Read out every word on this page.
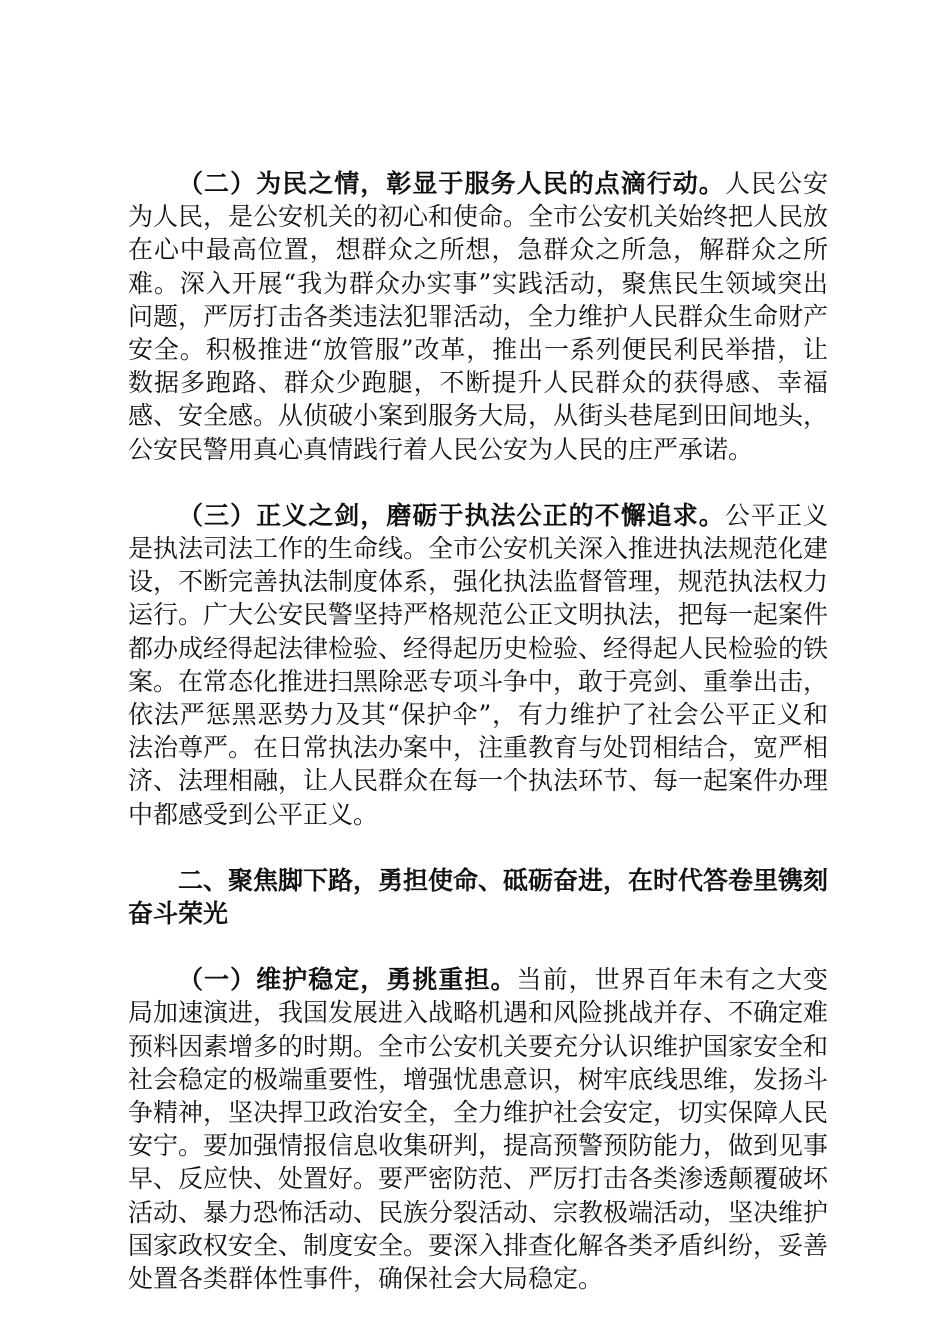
（二）为民之情，彰显于服务人民的点滴行动。人民公安为人民，是公安机关的初心和使命。全市公安机关始终把人民放在心中最高位置，想群众之所想，急群众之所急，解群众之所难。深入开展“我为群众办实事”实践活动，聚焦民生领域突出问题，严厉打击各类违法犯罪活动，全力维护人民群众生命财产安全。积极推进“放管服”改革，推出一系列便民利民举措，让数据多跑路、群众少跑腿，不断提升人民群众的获得感、幸福感、安全感。从侦破小案到服务大局，从街头巷尾到田间地头，公安民警用真心真情践行着人民公安为人民的庄严承诺。

（三）正义之剑，磨砺于执法公正的不懈追求。公平正义是执法司法工作的生命线。全市公安机关深入推进执法规范化建设，不断完善执法制度体系，强化执法监督管理，规范执法权力运行。广大公安民警坚持严格规范公正文明执法，把每一起案件都办成经得起法律检验、经得起历史检验、经得起人民检验的铁案。在常态化推进扫黑除恶专项斗争中，敢于亮剑、重拳出击，依法严惩黑恶势力及其“保护伞”，有力维护了社会公平正义和法治尊严。在日常执法办案中，注重教育与处罚相结合，宽严相济、法理相融，让人民群众在每一个执法环节、每一起案件办理中都感受到公平正义。

二、聚焦脚下路，勇担使命、砥砺奋进，在时代答卷里镌刻奋斗荣光

（一）维护稳定，勇挑重担。当前，世界百年未有之大变局加速演进，我国发展进入战略机遇和风险挑战并存、不确定难预料因素增多的时期。全市公安机关要充分认识维护国家安全和社会稳定的极端重要性，增强忧患意识，树牢底线思维，发扬斗争精神，坚决捍卫政治安全，全力维护社会安定，切实保障人民安宁。要加强情报信息收集研判，提高预警预防能力，做到见事早、反应快、处置好。要严密防范、严厉打击各类渗透颠覆破坏活动、暴力恐怖活动、民族分裂活动、宗教极端活动，坚决维护国家政权安全、制度安全。要深入排查化解各类矛盾纠纷，妥善处置各类群体性事件，确保社会大局稳定。
